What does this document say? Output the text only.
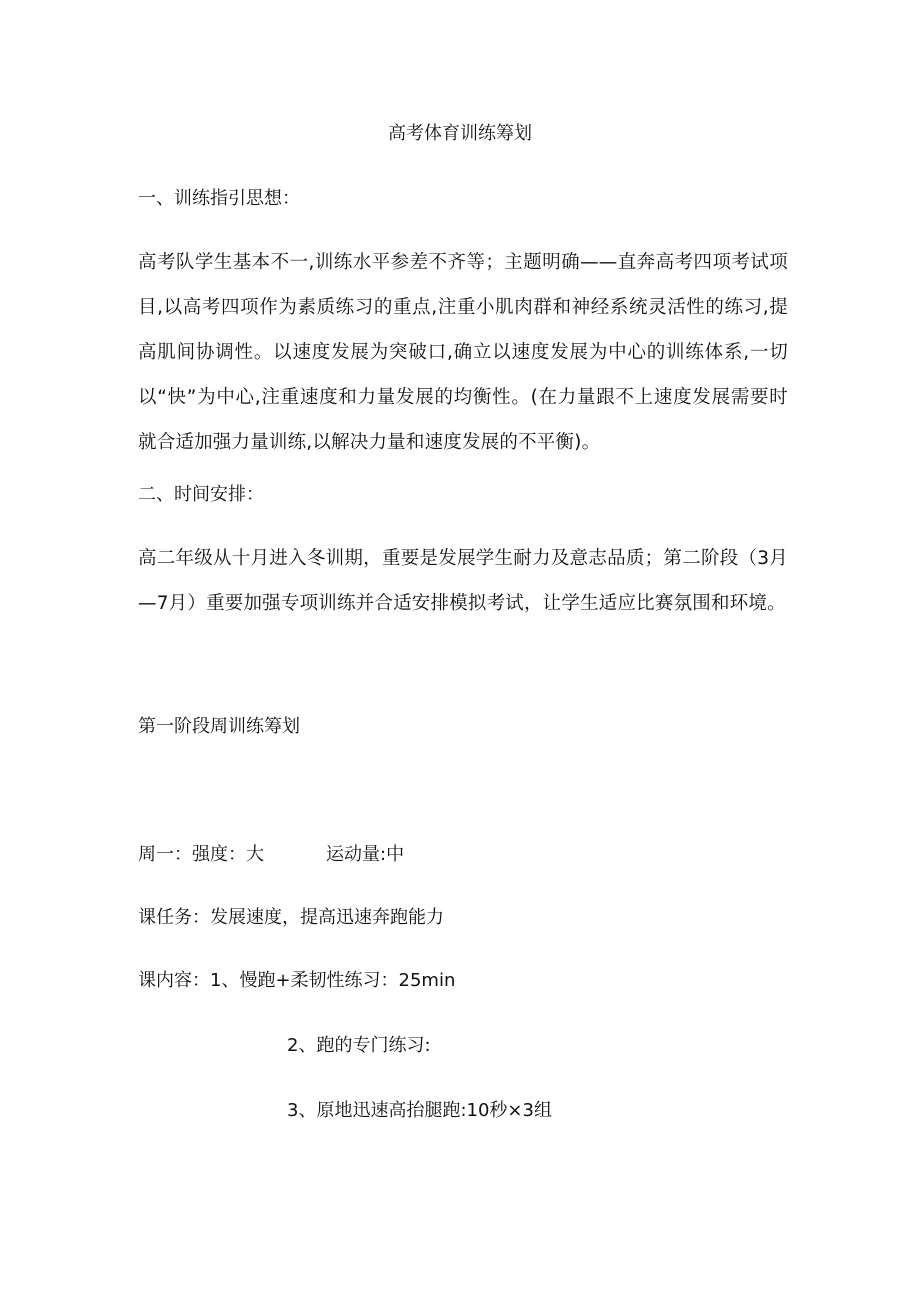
高考体育训练筹划
一、训练指引思想：
高考队学生基本不一,训练水平参差不齐等；主题明确——直奔高考四项考试项目,以高考四项作为素质练习的重点,注重小肌肉群和神经系统灵活性的练习,提高肌间协调性。以速度发展为突破口,确立以速度发展为中心的训练体系,一切以“快”为中心,注重速度和力量发展的均衡性。(在力量跟不上速度发展需要时就合适加强力量训练,以解决力量和速度发展的不平衡)。
二、时间安排：
高二年级从十月进入冬训期，重要是发展学生耐力及意志品质；第二阶段（3月—7月）重要加强专项训练并合适安排模拟考试，让学生适应比赛氛围和环境。
第一阶段周训练筹划
周一：强度：大	运动量:中
课任务：发展速度，提高迅速奔跑能力
课内容：1、慢跑+柔韧性练习：25min
2、跑的专门练习:
3、原地迅速高抬腿跑:10秒×3组
